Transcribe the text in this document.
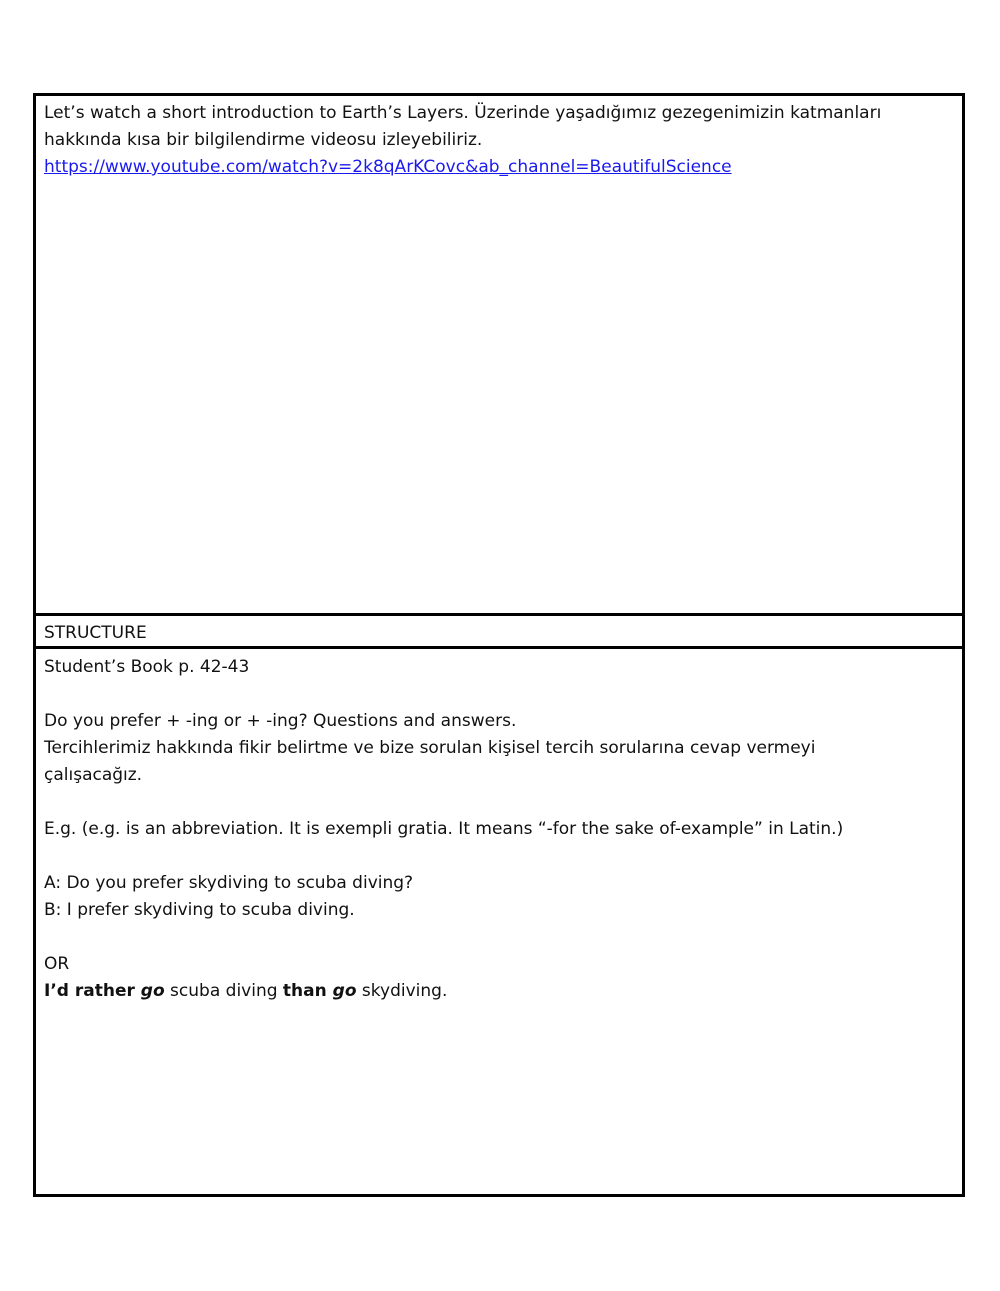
Let’s watch a short introduction to Earth’s Layers. Üzerinde yaşadığımız gezegenimizin katmanları
hakkında kısa bir bilgilendirme videosu izleyebiliriz.
https://www.youtube.com/watch?v=2k8qArKCovc&ab_channel=BeautifulScience
STRUCTURE
Student’s Book p. 42-43
Do you prefer + -ing or + -ing? Questions and answers.
Tercihlerimiz hakkında fikir belirtme ve bize sorulan kişisel tercih sorularına cevap vermeyi
çalışacağız.
E.g. (e.g. is an abbreviation. It is exempli gratia. It means “-for the sake of-example” in Latin.)
A: Do you prefer skydiving to scuba diving?
B: I prefer skydiving to scuba diving.
OR
I’d rather go scuba diving than go skydiving.
